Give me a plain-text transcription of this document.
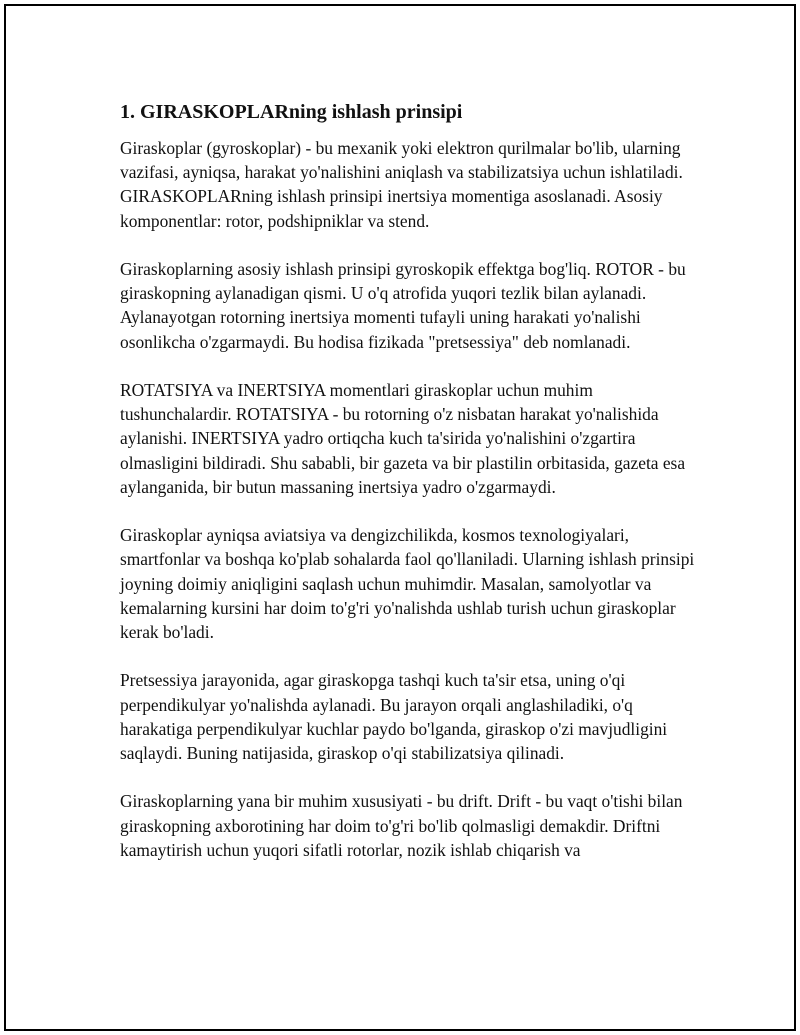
1. GIRASKOPLARning ishlash prinsipi

Giraskoplar (gyroskoplar) - bu mexanik yoki elektron qurilmalar bo'lib, ularning vazifasi, ayniqsa, harakat yo'nalishini aniqlash va stabilizatsiya uchun ishlatiladi. GIRASKOPLARning ishlash prinsipi inertsiya momentiga asoslanadi. Asosiy komponentlar: rotor, podshipniklar va stend.

Giraskoplarning asosiy ishlash prinsipi gyroskopik effektga bog'liq. ROTOR - bu giraskopning aylanadigan qismi. U o'q atrofida yuqori tezlik bilan aylanadi. Aylanayotgan rotorning inertsiya momenti tufayli uning harakati yo'nalishi osonlikcha o'zgarmaydi. Bu hodisa fizikada "pretsessiya" deb nomlanadi.

ROTATSIYA va INERTSIYA momentlari giraskoplar uchun muhim tushunchalardir. ROTATSIYA - bu rotorning o'z nisbatan harakat yo'nalishida aylanishi. INERTSIYA yadro ortiqcha kuch ta'sirida yo'nalishini o'zgartira olmasligini bildiradi. Shu sababli, bir gazeta va bir plastilin orbitasida, gazeta esa aylanganida, bir butun massaning inertsiya yadro o'zgarmaydi.

Giraskoplar ayniqsa aviatsiya va dengizchilikda, kosmos texnologiyalari, smartfonlar va boshqa ko'plab sohalarda faol qo'llaniladi. Ularning ishlash prinsipi joyning doimiy aniqligini saqlash uchun muhimdir. Masalan, samolyotlar va kemalarning kursini har doim to'g'ri yo'nalishda ushlab turish uchun giraskoplar kerak bo'ladi.

Pretsessiya jarayonida, agar giraskopga tashqi kuch ta'sir etsa, uning o'qi perpendikulyar yo'nalishda aylanadi. Bu jarayon orqali anglashiladiki, o'q harakatiga perpendikulyar kuchlar paydo bo'lganda, giraskop o'zi mavjudligini saqlaydi. Buning natijasida, giraskop o'qi stabilizatsiya qilinadi.

Giraskoplarning yana bir muhim xususiyati - bu drift. Drift - bu vaqt o'tishi bilan giraskopning axborotining har doim to'g'ri bo'lib qolmasligi demakdir. Driftni kamaytirish uchun yuqori sifatli rotorlar, nozik ishlab chiqarish va
